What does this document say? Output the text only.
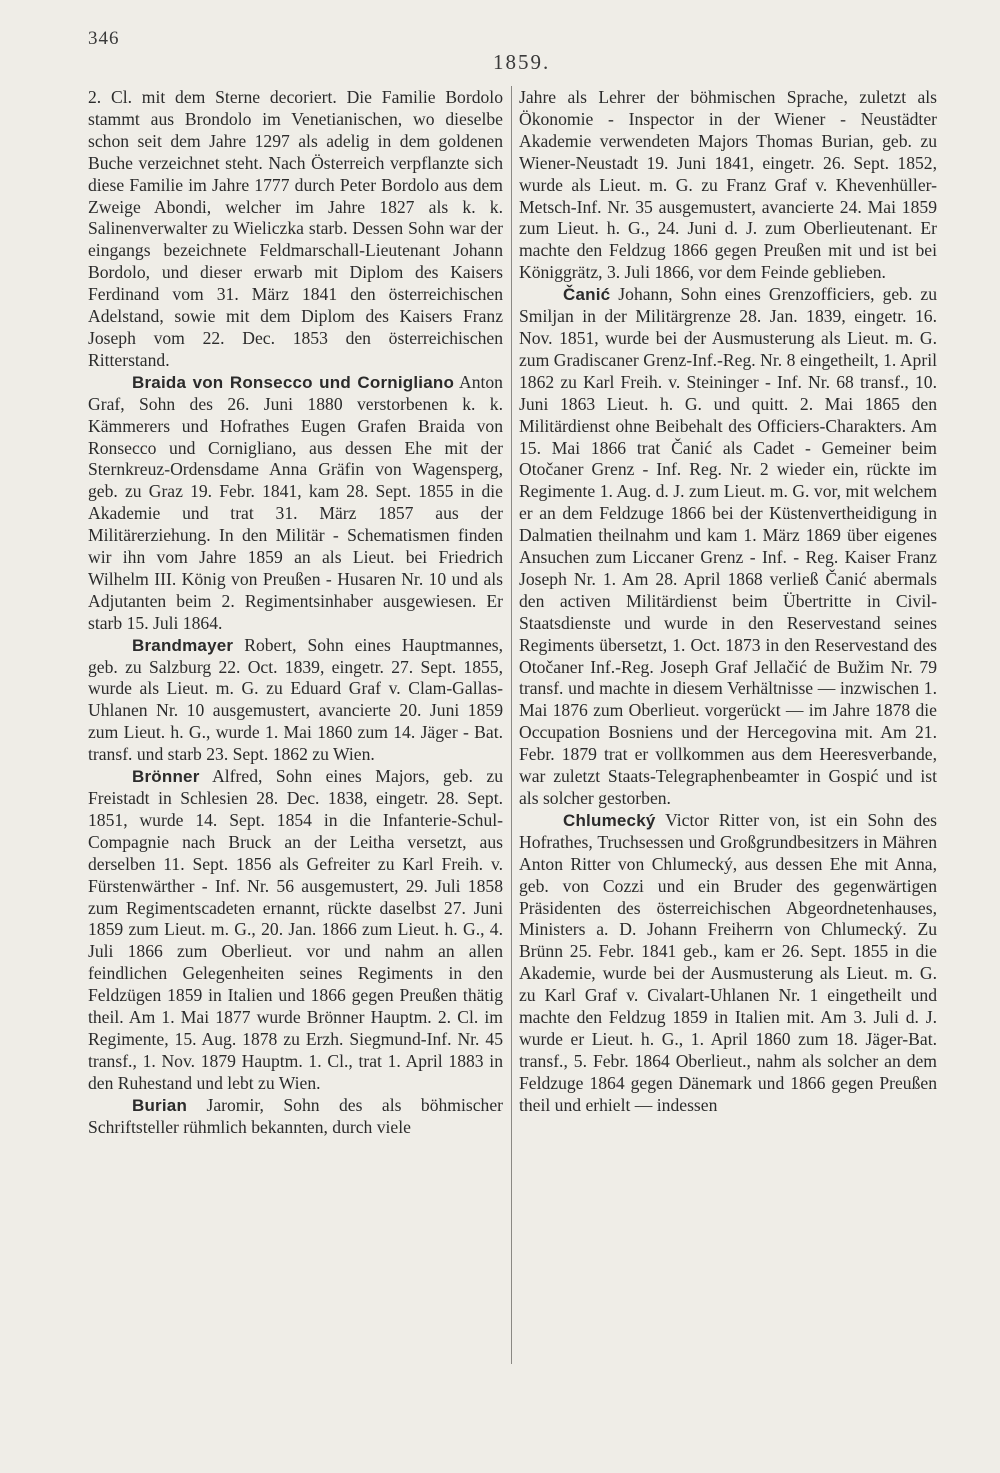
346
1859.

2. Cl. mit dem Sterne decoriert. Die Familie Bordolo stammt aus Brondolo im Venetianischen, wo dieselbe schon seit dem Jahre 1297 als adelig in dem goldenen Buche verzeichnet steht. Nach Österreich verpflanzte sich diese Familie im Jahre 1777 durch Peter Bordolo aus dem Zweige Abondi, welcher im Jahre 1827 als k. k. Salinenverwalter zu Wieliczka starb. Dessen Sohn war der eingangs bezeichnete Feldmarschall-Lieutenant Johann Bordolo, und dieser erwarb mit Diplom des Kaisers Ferdinand vom 31. März 1841 den österreichischen Adelstand, sowie mit dem Diplom des Kaisers Franz Joseph vom 22. Dec. 1853 den österreichischen Ritterstand.

Braida von Ronsecco und Cornigliano Anton Graf, Sohn des 26. Juni 1880 verstorbenen k. k. Kämmerers und Hofrathes Eugen Grafen Braida von Ronsecco und Cornigliano, aus dessen Ehe mit der Sternkreuz-Ordensdame Anna Gräfin von Wagensperg, geb. zu Graz 19. Febr. 1841, kam 28. Sept. 1855 in die Akademie und trat 31. März 1857 aus der Militärerziehung. In den Militär - Schematismen finden wir ihn vom Jahre 1859 an als Lieut. bei Friedrich Wilhelm III. König von Preußen - Husaren Nr. 10 und als Adjutanten beim 2. Regimentsinhaber ausgewiesen. Er starb 15. Juli 1864.

Brandmayer Robert, Sohn eines Hauptmannes, geb. zu Salzburg 22. Oct. 1839, eingetr. 27. Sept. 1855, wurde als Lieut. m. G. zu Eduard Graf v. Clam-Gallas-Uhlanen Nr. 10 ausgemustert, avancierte 20. Juni 1859 zum Lieut. h. G., wurde 1. Mai 1860 zum 14. Jäger - Bat. transf. und starb 23. Sept. 1862 zu Wien.

Brönner Alfred, Sohn eines Majors, geb. zu Freistadt in Schlesien 28. Dec. 1838, eingetr. 28. Sept. 1851, wurde 14. Sept. 1854 in die Infanterie-Schul-Compagnie nach Bruck an der Leitha versetzt, aus derselben 11. Sept. 1856 als Gefreiter zu Karl Freih. v. Fürstenwärther - Inf. Nr. 56 ausgemustert, 29. Juli 1858 zum Regimentscadeten ernannt, rückte daselbst 27. Juni 1859 zum Lieut. m. G., 20. Jan. 1866 zum Lieut. h. G., 4. Juli 1866 zum Oberlieut. vor und nahm an allen feindlichen Gelegenheiten seines Regiments in den Feldzügen 1859 in Italien und 1866 gegen Preußen thätig theil. Am 1. Mai 1877 wurde Brönner Hauptm. 2. Cl. im Regimente, 15. Aug. 1878 zu Erzh. Siegmund-Inf. Nr. 45 transf., 1. Nov. 1879 Hauptm. 1. Cl., trat 1. April 1883 in den Ruhestand und lebt zu Wien.

Burian Jaromir, Sohn des als böhmischer Schriftsteller rühmlich bekannten, durch viele

Jahre als Lehrer der böhmischen Sprache, zuletzt als Ökonomie - Inspector in der Wiener - Neustädter Akademie verwendeten Majors Thomas Burian, geb. zu Wiener-Neustadt 19. Juni 1841, eingetr. 26. Sept. 1852, wurde als Lieut. m. G. zu Franz Graf v. Khevenhüller-Metsch-Inf. Nr. 35 ausgemustert, avancierte 24. Mai 1859 zum Lieut. h. G., 24. Juni d. J. zum Oberlieutenant. Er machte den Feldzug 1866 gegen Preußen mit und ist bei Königgrätz, 3. Juli 1866, vor dem Feinde geblieben.

Čanić Johann, Sohn eines Grenzofficiers, geb. zu Smiljan in der Militärgrenze 28. Jan. 1839, eingetr. 16. Nov. 1851, wurde bei der Ausmusterung als Lieut. m. G. zum Gradiscaner Grenz-Inf.-Reg. Nr. 8 eingetheilt, 1. April 1862 zu Karl Freih. v. Steininger - Inf. Nr. 68 transf., 10. Juni 1863 Lieut. h. G. und quitt. 2. Mai 1865 den Militärdienst ohne Beibehalt des Officiers-Charakters. Am 15. Mai 1866 trat Čanić als Cadet - Gemeiner beim Otočaner Grenz - Inf. Reg. Nr. 2 wieder ein, rückte im Regimente 1. Aug. d. J. zum Lieut. m. G. vor, mit welchem er an dem Feldzuge 1866 bei der Küstenvertheidigung in Dalmatien theilnahm und kam 1. März 1869 über eigenes Ansuchen zum Liccaner Grenz - Inf. - Reg. Kaiser Franz Joseph Nr. 1. Am 28. April 1868 verließ Čanić abermals den activen Militärdienst beim Übertritte in Civil-Staatsdienste und wurde in den Reservestand seines Regiments übersetzt, 1. Oct. 1873 in den Reservestand des Otočaner Inf.-Reg. Joseph Graf Jellačić de Bužim Nr. 79 transf. und machte in diesem Verhältnisse — inzwischen 1. Mai 1876 zum Oberlieut. vorgerückt — im Jahre 1878 die Occupation Bosniens und der Hercegovina mit. Am 21. Febr. 1879 trat er vollkommen aus dem Heeresverbande, war zuletzt Staats-Telegraphenbeamter in Gospić und ist als solcher gestorben.

Chlumecký Victor Ritter von, ist ein Sohn des Hofrathes, Truchsessen und Großgrundbesitzers in Mähren Anton Ritter von Chlumecký, aus dessen Ehe mit Anna, geb. von Cozzi und ein Bruder des gegenwärtigen Präsidenten des österreichischen Abgeordnetenhauses, Ministers a. D. Johann Freiherrn von Chlumecký. Zu Brünn 25. Febr. 1841 geb., kam er 26. Sept. 1855 in die Akademie, wurde bei der Ausmusterung als Lieut. m. G. zu Karl Graf v. Civalart-Uhlanen Nr. 1 eingetheilt und machte den Feldzug 1859 in Italien mit. Am 3. Juli d. J. wurde er Lieut. h. G., 1. April 1860 zum 18. Jäger-Bat. transf., 5. Febr. 1864 Oberlieut., nahm als solcher an dem Feldzuge 1864 gegen Dänemark und 1866 gegen Preußen theil und erhielt — indessen
